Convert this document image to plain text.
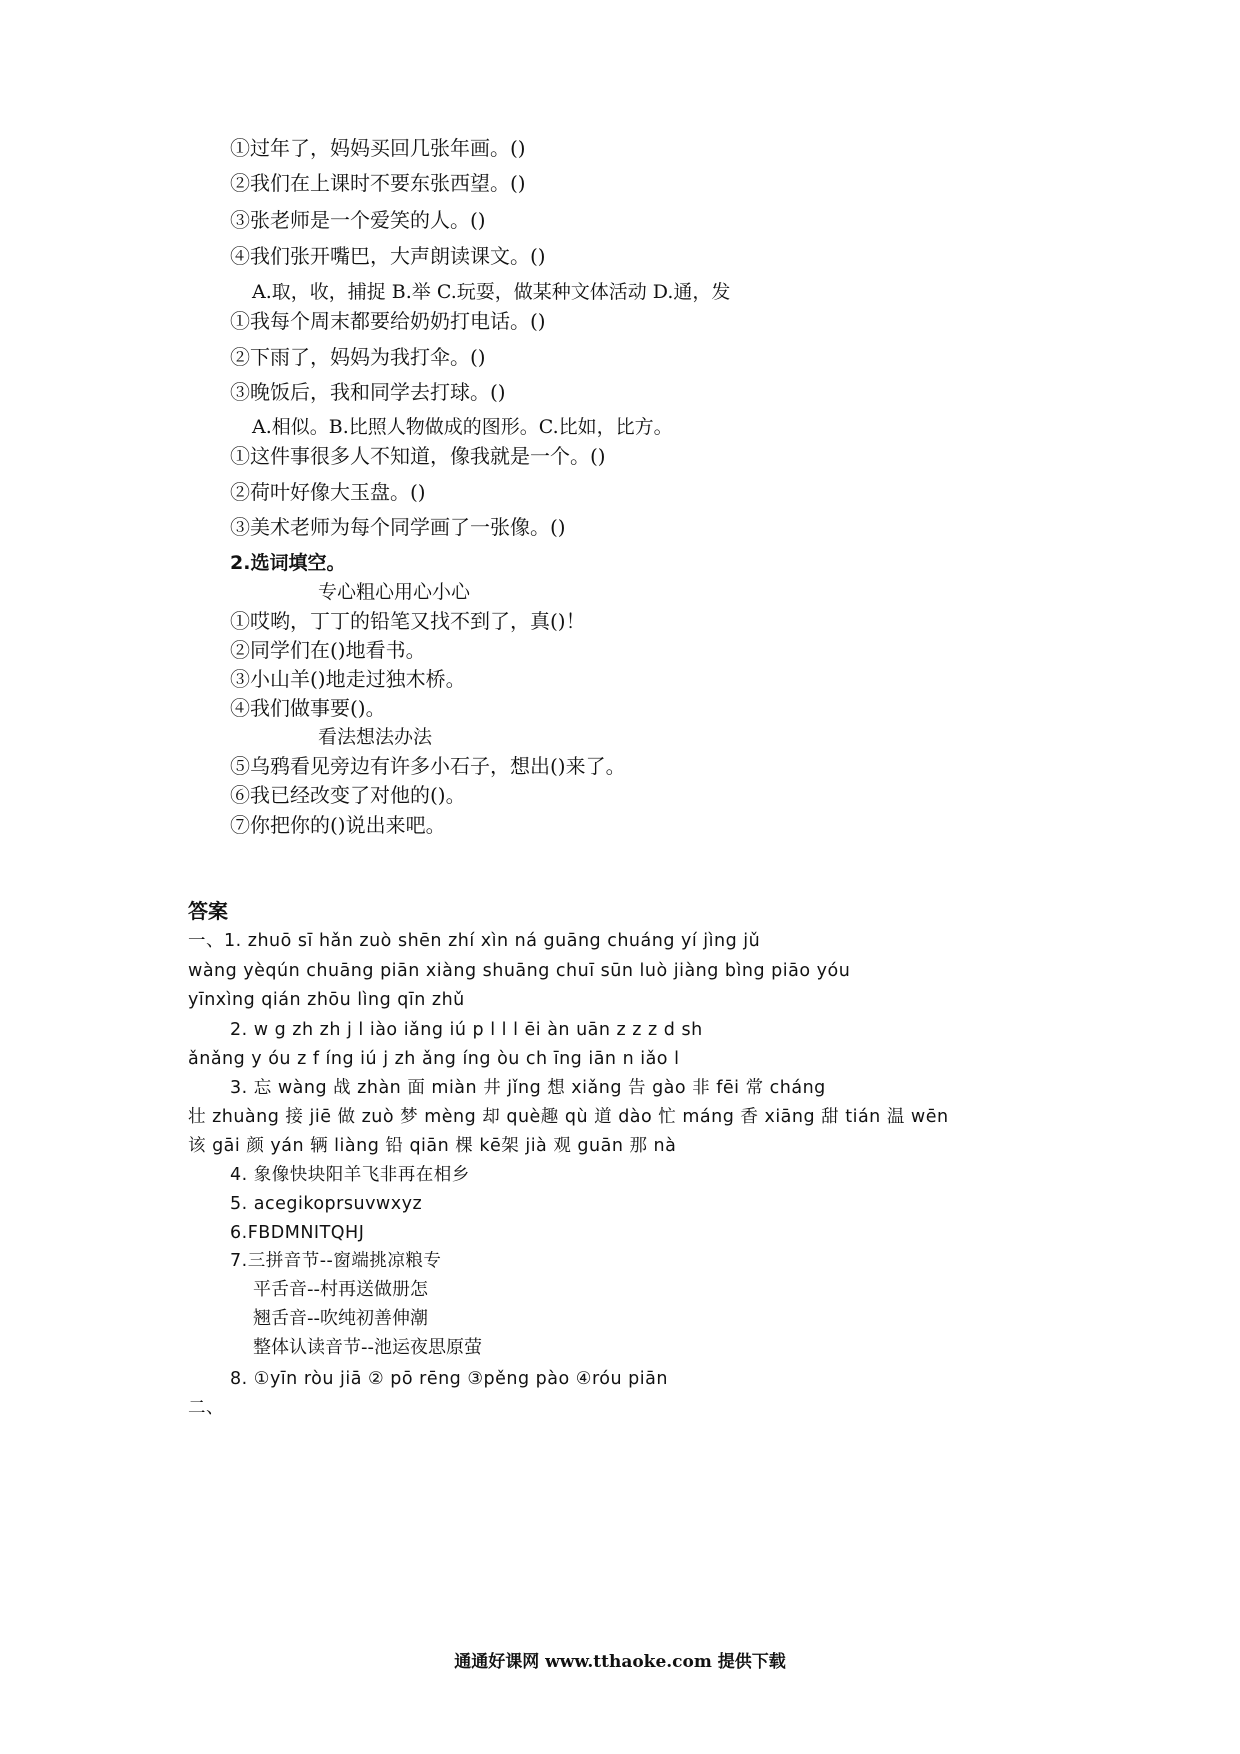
①过年了，妈妈买回几张年画。()
②我们在上课时不要东张西望。()
③张老师是一个爱笑的人。()
④我们张开嘴巴，大声朗读课文。()
A.取，收，捕捉 B.举 C.玩耍，做某种文体活动 D.通，发
①我每个周末都要给奶奶打电话。()
②下雨了，妈妈为我打伞。()
③晚饭后，我和同学去打球。()
A.相似。B.比照人物做成的图形。C.比如，比方。
①这件事很多人不知道，像我就是一个。()
②荷叶好像大玉盘。()
③美术老师为每个同学画了一张像。()
2.选词填空。
专心粗心用心小心
①哎哟，丁丁的铅笔又找不到了，真()！
②同学们在()地看书。
③小山羊()地走过独木桥。
④我们做事要()。
看法想法办法
⑤乌鸦看见旁边有许多小石子，想出()来了。
⑥我已经改变了对他的()。
⑦你把你的()说出来吧。
答案
一、1. zhuō sī hǎn zuò shēn zhí xìn ná guāng chuáng yí jìng jǔ
wàng yèqún chuāng piān xiàng shuāng chuī sūn luò jiàng bìng piāo yóu
yīnxìng qián zhōu lìng qīn zhǔ
2. w g zh zh j l iào iǎng iú p l l l ēi àn uān z z z d sh
ǎnǎng y óu z f íng iú j zh ǎng íng òu ch īng iān n iǎo l
3. 忘 wàng 战 zhàn 面 miàn 井 jǐng 想 xiǎng 告 gào 非 fēi 常 cháng
壮 zhuàng 接 jiē 做 zuò 梦 mèng 却 què趣 qù 道 dào 忙 máng 香 xiāng 甜 tián 温 wēn
该 gāi 颜 yán 辆 liàng 铅 qiān 棵 kē架 jià 观 guān 那 nà
4. 象像快块阳羊飞非再在相乡
5. acegikoprsuvwxyz
6.FBDMNITQHJ
7.三拼音节--窗端挑凉粮专
平舌音--村再送做册怎
翘舌音--吹纯初善伸潮
整体认读音节--池运夜思原萤
8. ①yīn ròu jiā ② pō rēng ③pěng pào ④róu piān
二、
通通好课网 www.tthaoke.com 提供下载
